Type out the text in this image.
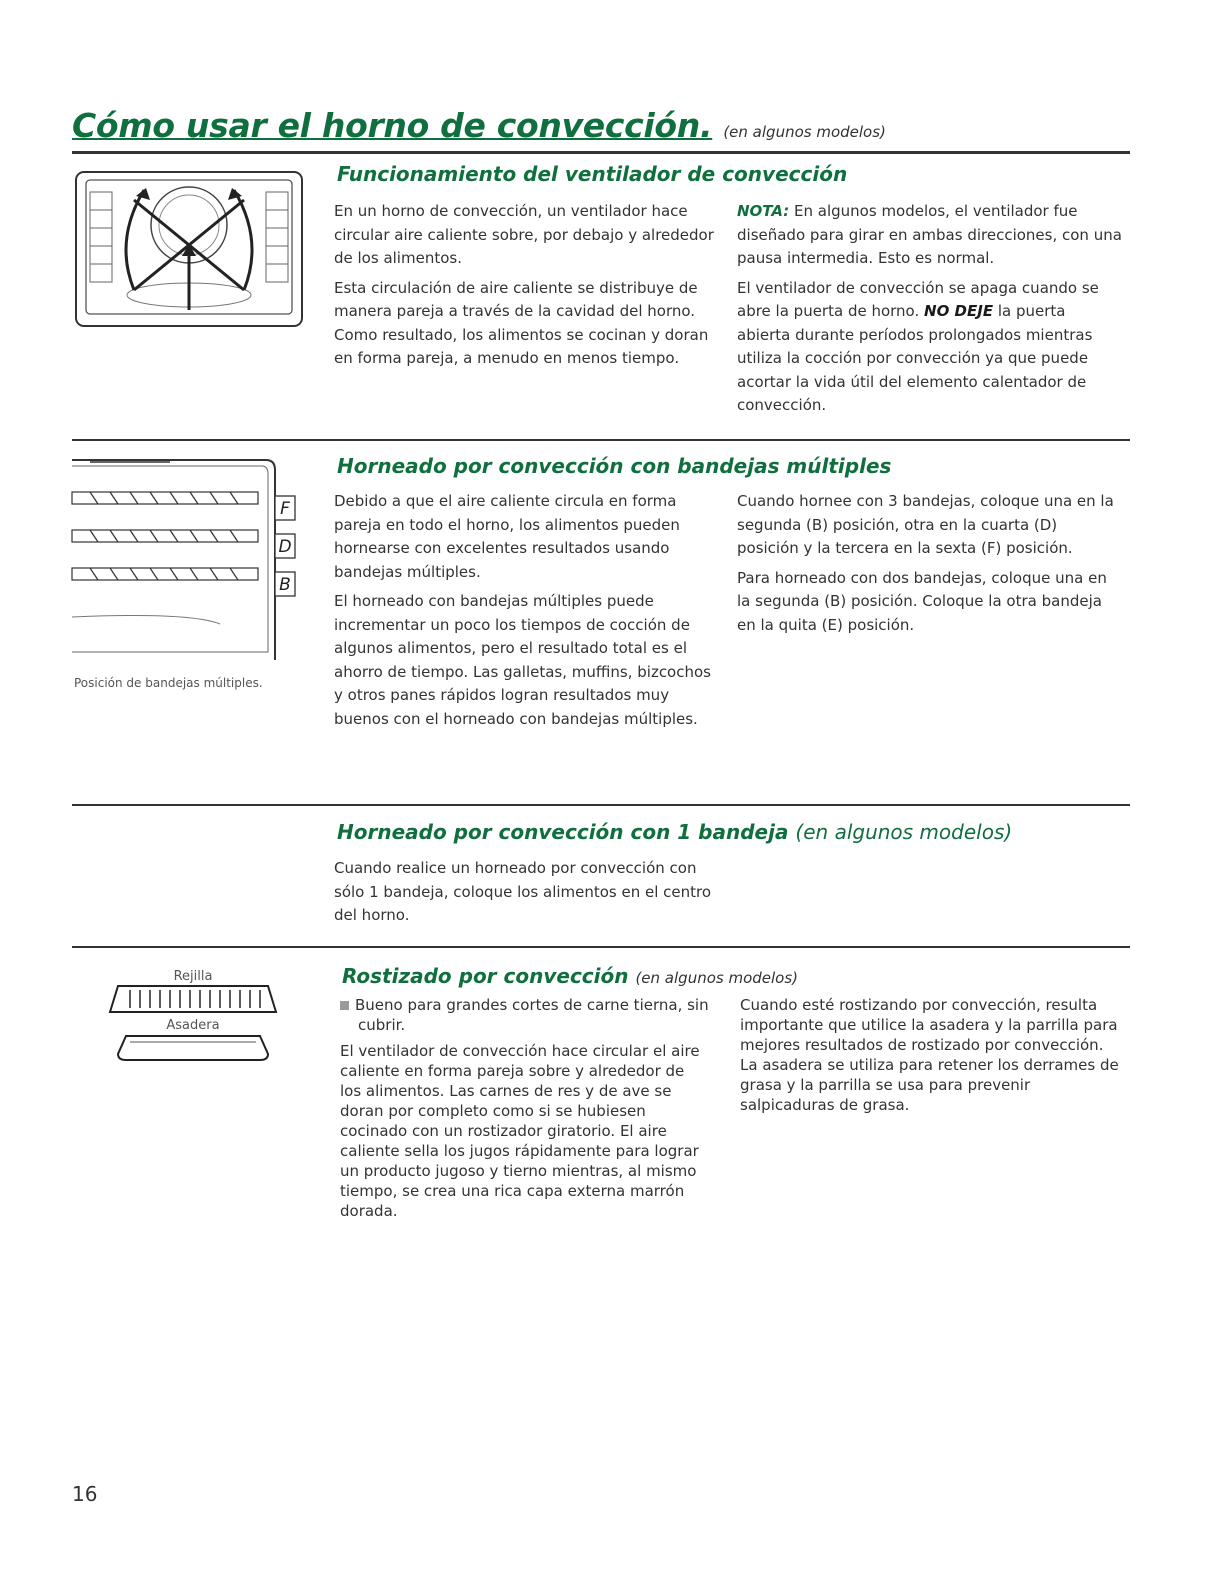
Cómo usar el horno de convección. (en algunos modelos)
Funcionamiento del ventilador de convección

En un horno de convección, un ventilador hace circular aire caliente sobre, por debajo y alrededor de los alimentos.

Esta circulación de aire caliente se distribuye de manera pareja a través de la cavidad del horno. Como resultado, los alimentos se cocinan y doran en forma pareja, a menudo en menos tiempo.

NOTA: En algunos modelos, el ventilador fue diseñado para girar en ambas direcciones, con una pausa intermedia. Esto es normal.

El ventilador de convección se apaga cuando se abre la puerta de horno. NO DEJE la puerta abierta durante períodos prolongados mientras utiliza la cocción por convección ya que puede acortar la vida útil del elemento calentador de convección.

F
D
B
Posición de bandejas múltiples.
Horneado por convección con bandejas múltiples

Debido a que el aire caliente circula en forma pareja en todo el horno, los alimentos pueden hornearse con excelentes resultados usando bandejas múltiples.

El horneado con bandejas múltiples puede incrementar un poco los tiempos de cocción de algunos alimentos, pero el resultado total es el ahorro de tiempo. Las galletas, muffins, bizcochos y otros panes rápidos logran resultados muy buenos con el horneado con bandejas múltiples.

Cuando hornee con 3 bandejas, coloque una en la segunda (B) posición, otra en la cuarta (D) posición y la tercera en la sexta (F) posición.

Para horneado con dos bandejas, coloque una en la segunda (B) posición. Coloque la otra bandeja en la quita (E) posición.

Horneado por convección con 1 bandeja (en algunos modelos)

Cuando realice un horneado por convección con sólo 1 bandeja, coloque los alimentos en el centro del horno.

Rejilla
Asadera
Rostizado por convección (en algunos modelos)

Bueno para grandes cortes de carne tierna, sin cubrir.

El ventilador de convección hace circular el aire caliente en forma pareja sobre y alrededor de los alimentos. Las carnes de res y de ave se doran por completo como si se hubiesen cocinado con un rostizador giratorio. El aire caliente sella los jugos rápidamente para lograr un producto jugoso y tierno mientras, al mismo tiempo, se crea una rica capa externa marrón dorada.

Cuando esté rostizando por convección, resulta importante que utilice la asadera y la parrilla para mejores resultados de rostizado por convección. La asadera se utiliza para retener los derrames de grasa y la parrilla se usa para prevenir salpicaduras de grasa.

16
